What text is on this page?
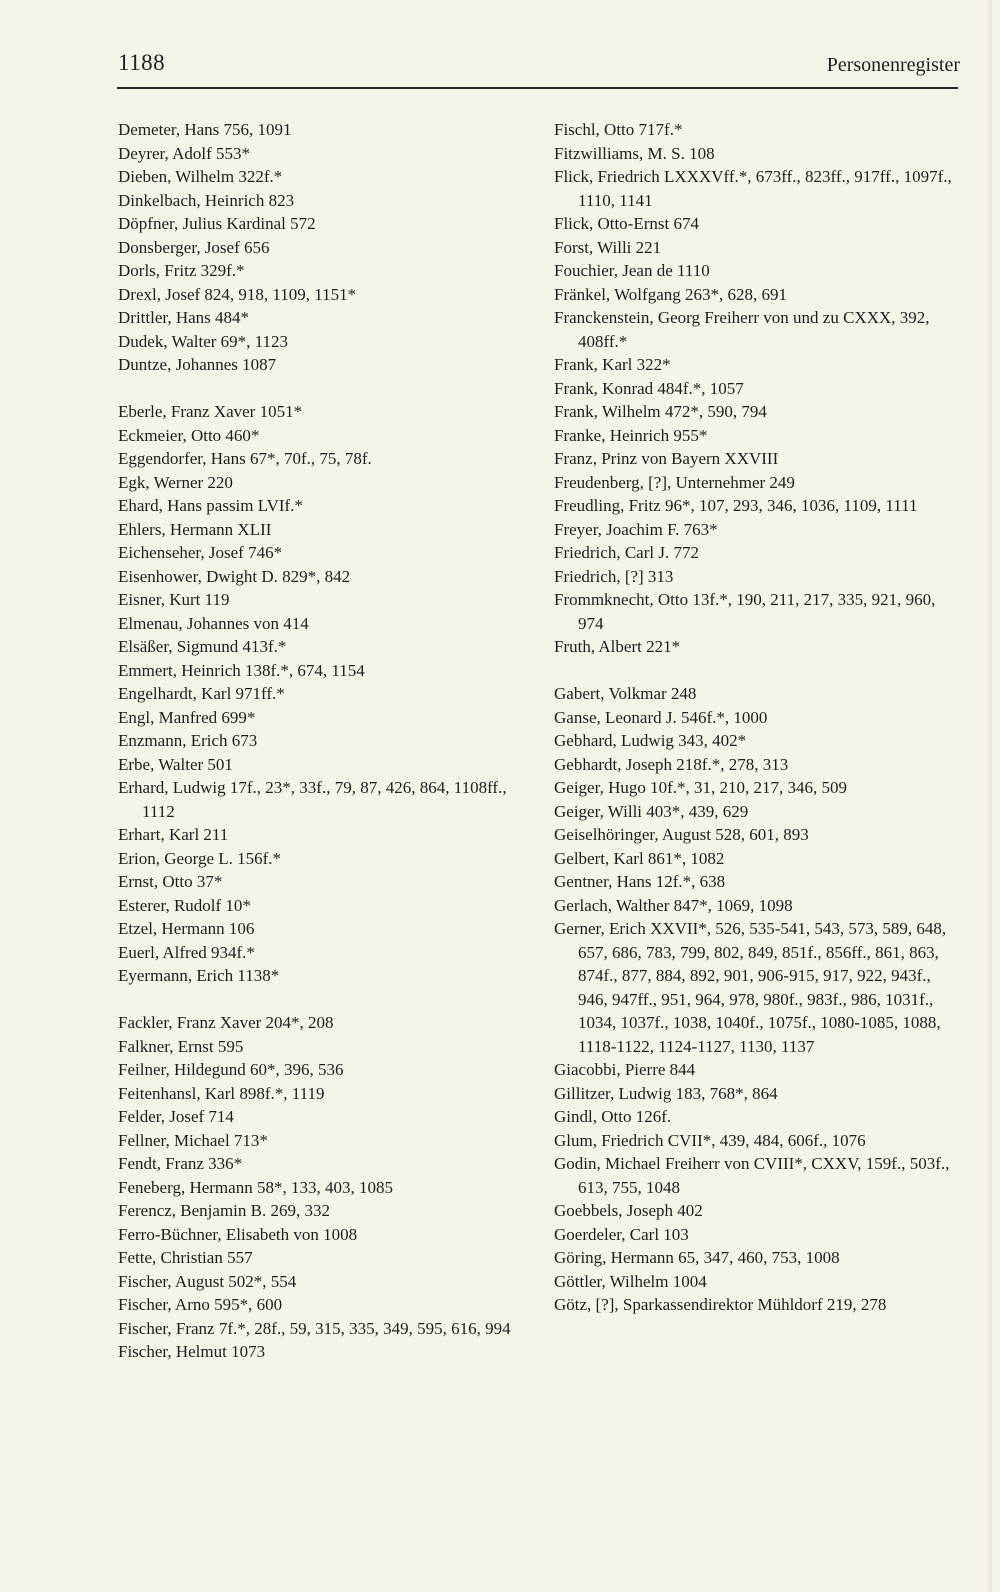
1188	Personenregister

Demeter, Hans 756, 1091

Deyrer, Adolf 553*

Dieben, Wilhelm 322f.*

Dinkelbach, Heinrich 823

Döpfner, Julius Kardinal 572

Donsberger, Josef 656

Dorls, Fritz 329f.*

Drexl, Josef 824, 918, 1109, 1151*

Drittler, Hans 484*

Dudek, Walter 69*, 1123

Duntze, Johannes 1087

Eberle, Franz Xaver 1051*

Eckmeier, Otto 460*

Eggendorfer, Hans 67*, 70f., 75, 78f.

Egk, Werner 220

Ehard, Hans passim LVIf.*

Ehlers, Hermann XLII

Eichenseher, Josef 746*

Eisenhower, Dwight D. 829*, 842

Eisner, Kurt 119

Elmenau, Johannes von 414

Elsäßer, Sigmund 413f.*

Emmert, Heinrich 138f.*, 674, 1154

Engelhardt, Karl 971ff.*

Engl, Manfred 699*

Enzmann, Erich 673

Erbe, Walter 501

Erhard, Ludwig 17f., 23*, 33f., 79, 87, 426, 864, 1108ff., 1112

Erhart, Karl 211

Erion, George L. 156f.*

Ernst, Otto 37*

Esterer, Rudolf 10*

Etzel, Hermann 106

Euerl, Alfred 934f.*

Eyermann, Erich 1138*

Fackler, Franz Xaver 204*, 208

Falkner, Ernst 595

Feilner, Hildegund 60*, 396, 536

Feitenhansl, Karl 898f.*, 1119

Felder, Josef 714

Fellner, Michael 713*

Fendt, Franz 336*

Feneberg, Hermann 58*, 133, 403, 1085

Ferencz, Benjamin B. 269, 332

Ferro-Büchner, Elisabeth von 1008

Fette, Christian 557

Fischer, August 502*, 554

Fischer, Arno 595*, 600

Fischer, Franz 7f.*, 28f., 59, 315, 335, 349, 595, 616, 994

Fischer, Helmut 1073

Fischl, Otto 717f.*

Fitzwilliams, M. S. 108

Flick, Friedrich LXXXVff.*, 673ff., 823ff., 917ff., 1097f., 1110, 1141

Flick, Otto-Ernst 674

Forst, Willi 221

Fouchier, Jean de 1110

Fränkel, Wolfgang 263*, 628, 691

Franckenstein, Georg Freiherr von und zu CXXX, 392, 408ff.*

Frank, Karl 322*

Frank, Konrad 484f.*, 1057

Frank, Wilhelm 472*, 590, 794

Franke, Heinrich 955*

Franz, Prinz von Bayern XXVIII

Freudenberg, [?], Unternehmer 249

Freudling, Fritz 96*, 107, 293, 346, 1036, 1109, 1111

Freyer, Joachim F. 763*

Friedrich, Carl J. 772

Friedrich, [?] 313

Frommknecht, Otto 13f.*, 190, 211, 217, 335, 921, 960, 974

Fruth, Albert 221*

Gabert, Volkmar 248

Ganse, Leonard J. 546f.*, 1000

Gebhard, Ludwig 343, 402*

Gebhardt, Joseph 218f.*, 278, 313

Geiger, Hugo 10f.*, 31, 210, 217, 346, 509

Geiger, Willi 403*, 439, 629

Geiselhöringer, August 528, 601, 893

Gelbert, Karl 861*, 1082

Gentner, Hans 12f.*, 638

Gerlach, Walther 847*, 1069, 1098

Gerner, Erich XXVII*, 526, 535-541, 543, 573, 589, 648, 657, 686, 783, 799, 802, 849, 851f., 856ff., 861, 863, 874f., 877, 884, 892, 901, 906-915, 917, 922, 943f., 946, 947ff., 951, 964, 978, 980f., 983f., 986, 1031f., 1034, 1037f., 1038, 1040f., 1075f., 1080-1085, 1088, 1118-1122, 1124-1127, 1130, 1137

Giacobbi, Pierre 844

Gillitzer, Ludwig 183, 768*, 864

Gindl, Otto 126f.

Glum, Friedrich CVII*, 439, 484, 606f., 1076

Godin, Michael Freiherr von CVIII*, CXXV, 159f., 503f., 613, 755, 1048

Goebbels, Joseph 402

Goerdeler, Carl 103

Göring, Hermann 65, 347, 460, 753, 1008

Göttler, Wilhelm 1004

Götz, [?], Sparkassendirektor Mühldorf 219, 278
